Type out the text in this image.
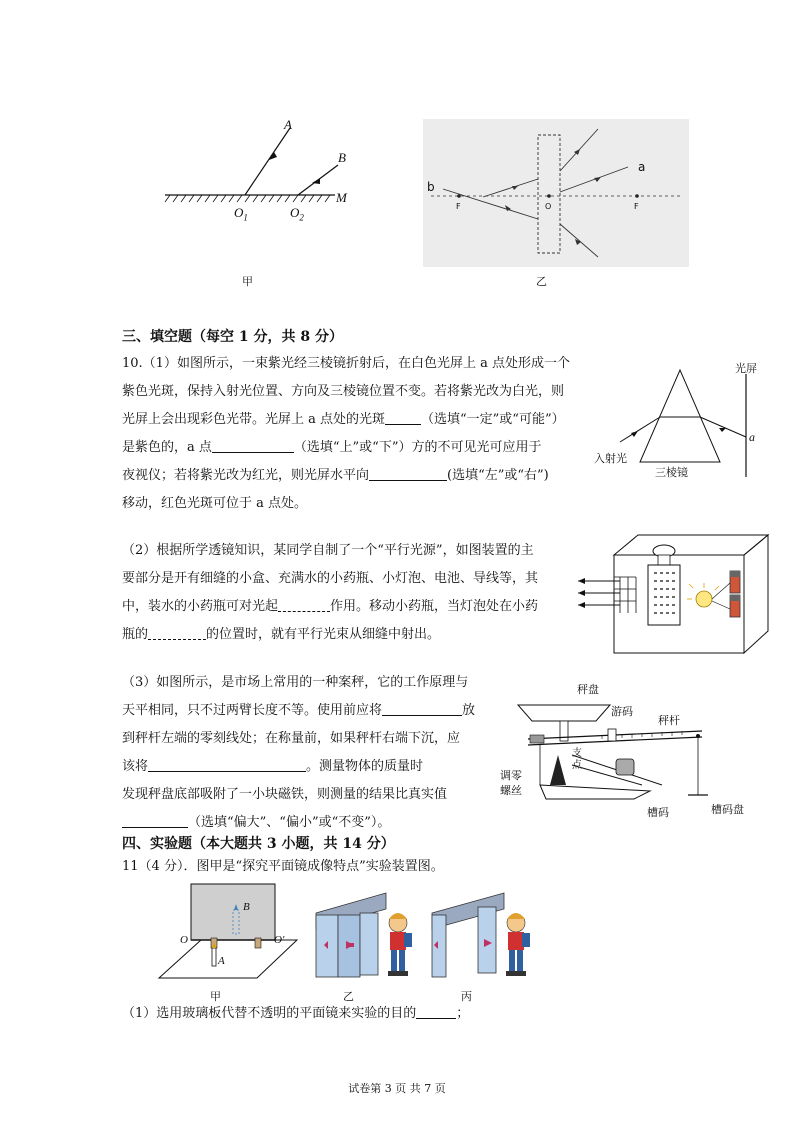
A
B
M
$O_1$	$O_2$
甲
a
b
F	O	F
乙
三、填空题（每空 1 分，共 8 分）

10.（1）如图所示，一束紫光经三棱镜折射后，在白色光屏上 a 点处形成一个

紫色光斑，保持入射光位置、方向及三棱镜位置不变。若将紫光改为白光，则

光屏上会出现彩色光带。光屏上 a 点处的光斑	（选填“一定”或“可能”）

是紫色的，a 点	（选填“上”或“下”）方的不可见光可应用于

夜视仪；若将紫光改为红光，则光屏水平向	(选填“左”或“右”)

移动，红色光斑可位于 a 点处。

光屏
入射光
三棱镜
a

（2）根据所学透镜知识，某同学自制了一个“平行光源”，如图装置的主

要部分是开有细缝的小盒、充满水的小药瓶、小灯泡、电池、导线等，其

中，装水的小药瓶可对光起	作用。移动小药瓶，当灯泡处在小药

瓶的	的位置时，就有平行光束从细缝中射出。

（3）如图所示，是市场上常用的一种案秤，它的工作原理与

天平相同，只不过两臂长度不等。使用前应将	放

到秤杆左端的零刻线处；在称量前，如果秤杆右端下沉，应

该将	。测量物体的质量时

发现秤盘底部吸附了一小块磁铁，则测量的结果比真实值

（选填“偏大”、“偏小”或“不变”）。

秤盘
游码
秤杆
调零
螺丝
支
点
槽码	槽码盘
四、实验题（本大题共 3 小题，共 14 分）
11（4 分）．图甲是“探究平面镜成像特点”实验装置图。
B
A
O	O′
甲	乙	丙
（1）选用玻璃板代替不透明的平面镜来实验的目的	；
试卷第 3 页 共 7 页
